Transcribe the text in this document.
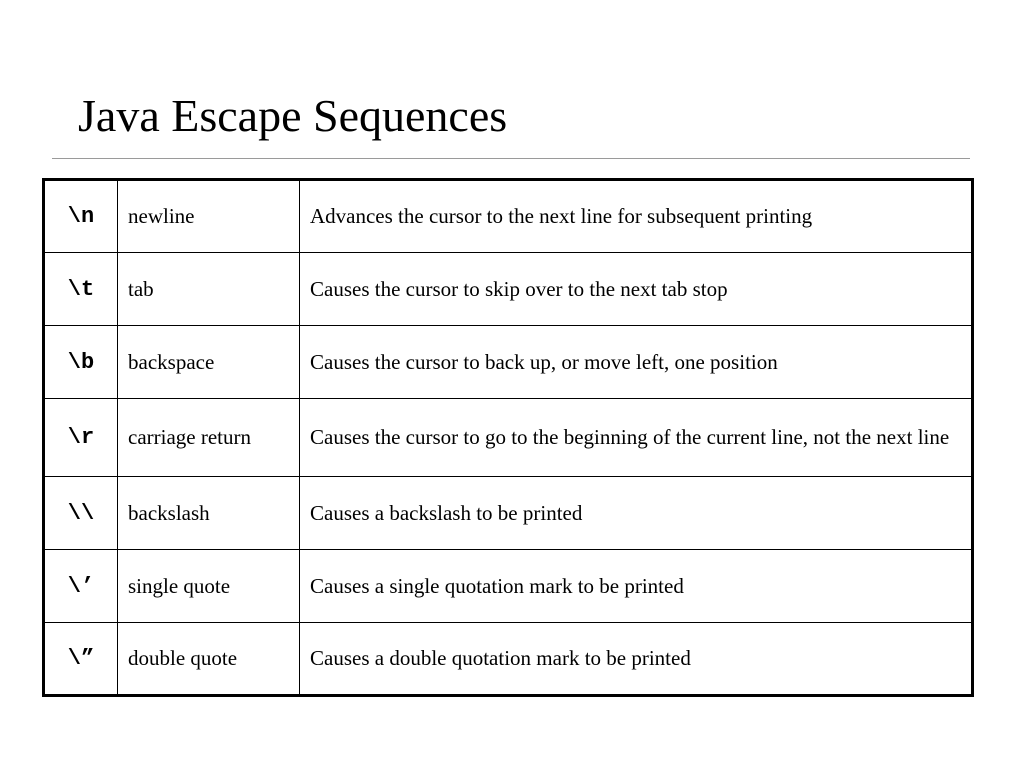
Java Escape Sequences
\n	newline	Advances the cursor to the next line for subsequent printing
\t	tab	Causes the cursor to skip over to the next tab stop
\b	backspace	Causes the cursor to back up, or move left, one position
\r	carriage return	Causes the cursor to go to the beginning of the current line, not the next line
\\	backslash	Causes a backslash to be printed
\’	single quote	Causes a single quotation mark to be printed
\”	double quote	Causes a double quotation mark to be printed
